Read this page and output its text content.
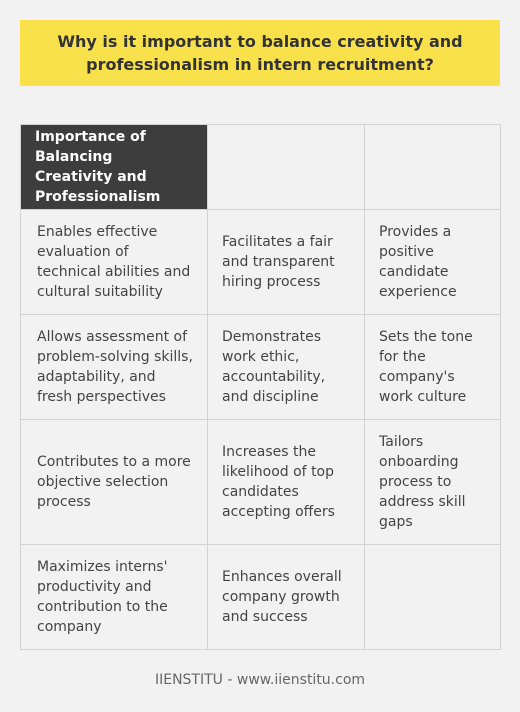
Why is it important to balance creativity and professionalism in intern recruitment?
Importance of Balancing Creativity and Professionalism		
Enables effective evaluation of technical abilities and cultural suitability	Facilitates a fair and transparent hiring process	Provides a positive candidate experience
Allows assessment of problem-solving skills, adaptability, and fresh perspectives	Demonstrates work ethic, accountability, and discipline	Sets the tone for the company's work culture
Contributes to a more objective selection process	Increases the likelihood of top candidates accepting offers	Tailors onboarding process to address skill gaps
Maximizes interns' productivity and contribution to the company	Enhances overall company growth and success	
IIENSTITU - www.iienstitu.com
